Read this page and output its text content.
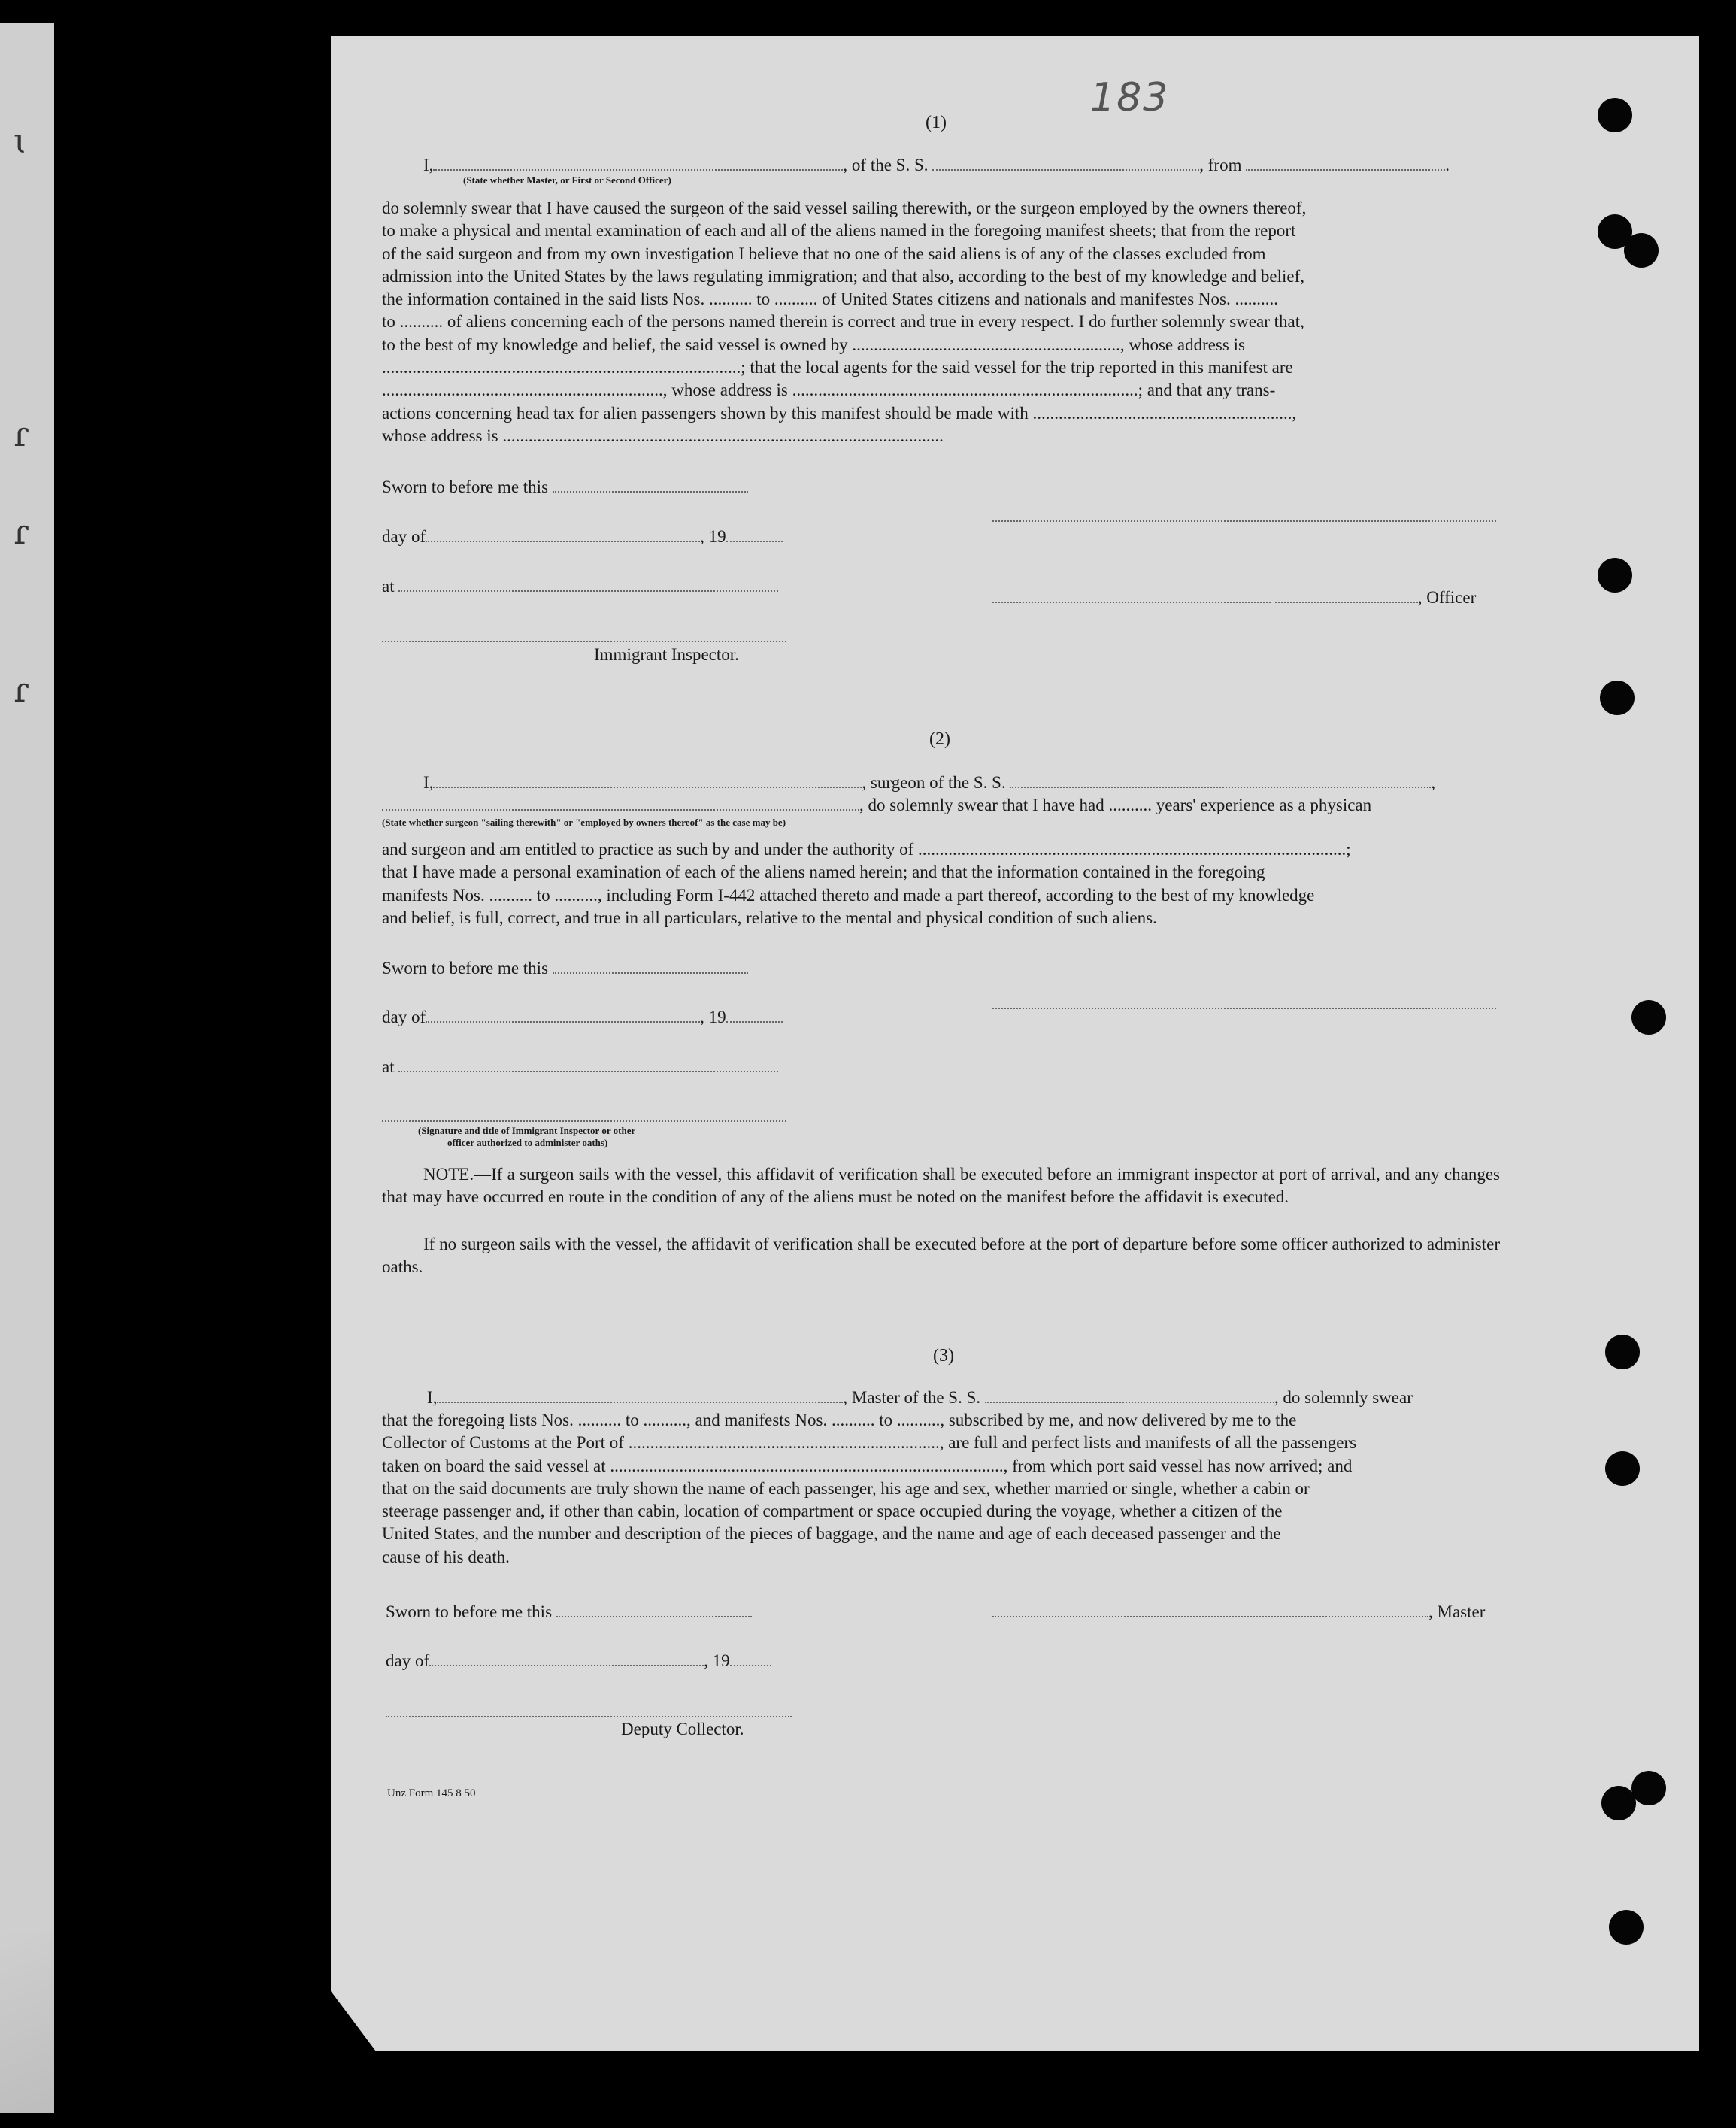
ɩ
ɾ
ɾ
ɾ
183
(1)
I,	, of the S. S.	, from	.
(State whether Master, or First or Second Officer)
do solemnly swear that I have caused the surgeon of the said vessel sailing therewith, or the surgeon employed by the owners thereof,
to make a physical and mental examination of each and all of the aliens named in the foregoing manifest sheets; that from the report
of the said surgeon and from my own investigation I believe that no one of the said aliens is of any of the classes excluded from
admission into the United States by the laws regulating immigration; and that also, according to the best of my knowledge and belief,
the information contained in the said lists Nos. .......... to .......... of United States citizens and nationals and manifestes Nos. ..........
to .......... of aliens concerning each of the persons named therein is correct and true in every respect. I do further solemnly swear that,
to the best of my knowledge and belief, the said vessel is owned by .............................................................., whose address is
...................................................................................; that the local agents for the said vessel for the trip reported in this manifest are
................................................................., whose address is ................................................................................; and that any trans-
actions concerning head tax for alien passengers shown by this manifest should be made with ............................................................,
whose address is ......................................................................................................
Sworn to before me this
day of	, 19
at
, Officer
Immigrant Inspector.
(2)
I,	, surgeon of the S. S.	,
, do solemnly swear that I have had .......... years' experience as a physican
(State whether surgeon "sailing therewith" or "employed by owners thereof" as the case may be)
and surgeon and am entitled to practice as such by and under the authority of ...................................................................................................;
that I have made a personal examination of each of the aliens named herein; and that the information contained in the foregoing
manifests Nos. .......... to .........., including Form I-442 attached thereto and made a part thereof, according to the best of my knowledge
and belief, is full, correct, and true in all particulars, relative to the mental and physical condition of such aliens.
Sworn to before me this
day of	, 19
at
(Signature and title of Immigrant Inspector or other
officer authorized to administer oaths)
NOTE.—If a surgeon sails with the vessel, this affidavit of verification shall be executed before an immigrant inspector at port of arrival, and any changes that may have occurred en route in the condition of any of the aliens must be noted on the manifest before the affidavit is executed.
If no surgeon sails with the vessel, the affidavit of verification shall be executed before at the port of departure before some officer authorized to administer oaths.
(3)
I,	, Master of the S. S.	, do solemnly swear
that the foregoing lists Nos. .......... to .........., and manifests Nos. .......... to .........., subscribed by me, and now delivered by me to the
Collector of Customs at the Port of ........................................................................, are full and perfect lists and manifests of all the passengers
taken on board the said vessel at ..........................................................................................., from which port said vessel has now arrived; and
that on the said documents are truly shown the name of each passenger, his age and sex, whether married or single, whether a cabin or
steerage passenger and, if other than cabin, location of compartment or space occupied during the voyage, whether a citizen of the
United States, and the number and description of the pieces of baggage, and the name and age of each deceased passenger and the
cause of his death.
Sworn to before me this	, Master
day of	, 19
Deputy Collector.
Unz Form 145 8 50
